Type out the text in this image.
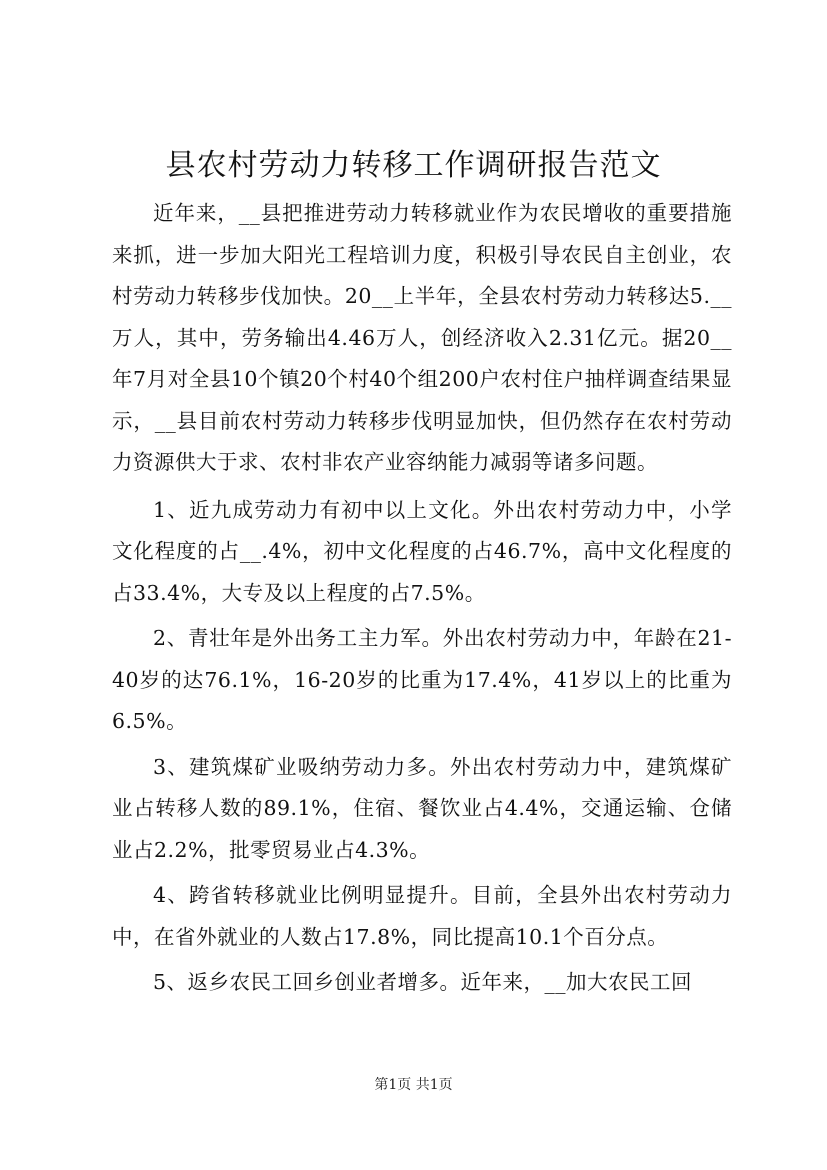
县农村劳动力转移工作调研报告范文

近年来，__县把推进劳动力转移就业作为农民增收的重要措施来抓，进一步加大阳光工程培训力度，积极引导农民自主创业，农村劳动力转移步伐加快。20__上半年，全县农村劳动力转移达5.__万人，其中，劳务输出4.46万人，创经济收入2.31亿元。据20__年7月对全县10个镇20个村40个组200户农村住户抽样调查结果显示，__县目前农村劳动力转移步伐明显加快，但仍然存在农村劳动力资源供大于求、农村非农产业容纳能力减弱等诸多问题。

1、近九成劳动力有初中以上文化。外出农村劳动力中，小学文化程度的占__.4%，初中文化程度的占46.7%，高中文化程度的占33.4%，大专及以上程度的占7.5%。

2、青壮年是外出务工主力军。外出农村劳动力中，年龄在21-40岁的达76.1%，16-20岁的比重为17.4%，41岁以上的比重为6.5%。

3、建筑煤矿业吸纳劳动力多。外出农村劳动力中，建筑煤矿业占转移人数的89.1%，住宿、餐饮业占4.4%，交通运输、仓储业占2.2%，批零贸易业占4.3%。

4、跨省转移就业比例明显提升。目前，全县外出农村劳动力中，在省外就业的人数占17.8%，同比提高10.1个百分点。

5、返乡农民工回乡创业者增多。近年来，__加大农民工回

第1页 共1页
